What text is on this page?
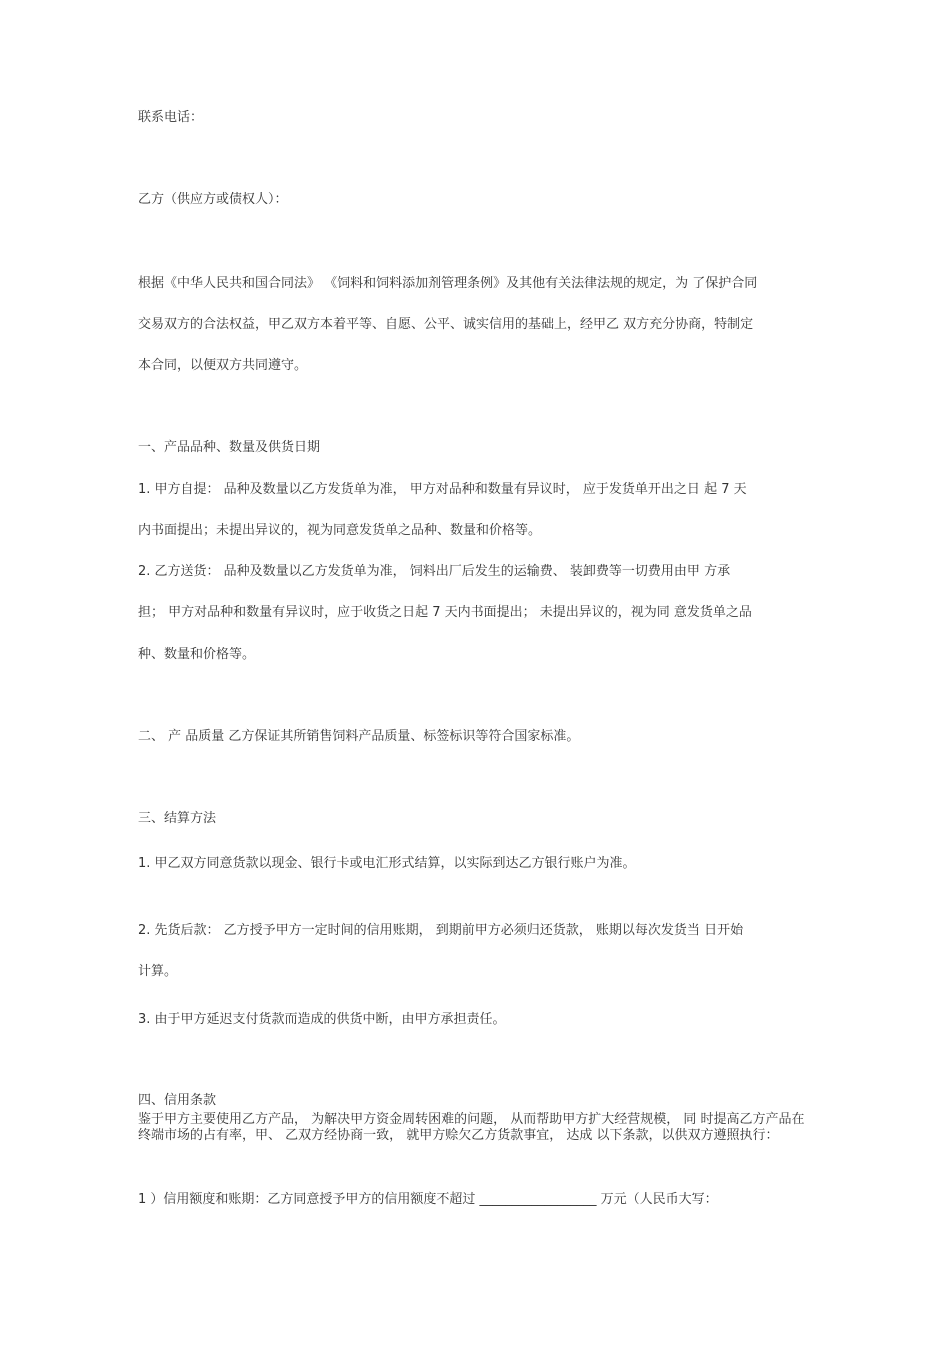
联系电话：
乙方（供应方或债权人）：
根据《中华人民共和国合同法》 《饲料和饲料添加剂管理条例》及其他有关法律法规的规定，为 了保护合同
交易双方的合法权益，甲乙双方本着平等、自愿、公平、诚实信用的基础上，经甲乙 双方充分协商，特制定
本合同，以便双方共同遵守。
一、产品品种、数量及供货日期
1. 甲方自提： 品种及数量以乙方发货单为准， 甲方对品种和数量有异议时， 应于发货单开出之日 起 7 天
内书面提出；未提出异议的，视为同意发货单之品种、数量和价格等。
2. 乙方送货： 品种及数量以乙方发货单为准， 饲料出厂后发生的运输费、 装卸费等一切费用由甲 方承
担； 甲方对品种和数量有异议时，应于收货之日起 7 天内书面提出； 未提出异议的，视为同 意发货单之品
种、数量和价格等。
二、 产 品质量 乙方保证其所销售饲料产品质量、标签标识等符合国家标准。
三、结算方法
1. 甲乙双方同意货款以现金、银行卡或电汇形式结算，以实际到达乙方银行账户为准。
2. 先货后款： 乙方授予甲方一定时间的信用账期， 到期前甲方必须归还货款， 账期以每次发货当 日开始
计算。
3. 由于甲方延迟支付货款而造成的供货中断，由甲方承担责任。
四、信用条款
鉴于甲方主要使用乙方产品， 为解决甲方资金周转困难的问题， 从而帮助甲方扩大经营规模， 同 时提高乙方产品在终端市场的占有率，甲、 乙双方经协商一致， 就甲方赊欠乙方货款事宜， 达成 以下条款，以供双方遵照执行：
1 ）信用额度和账期：乙方同意授予甲方的信用额度不超过 __________________ 万元（人民币大写：
